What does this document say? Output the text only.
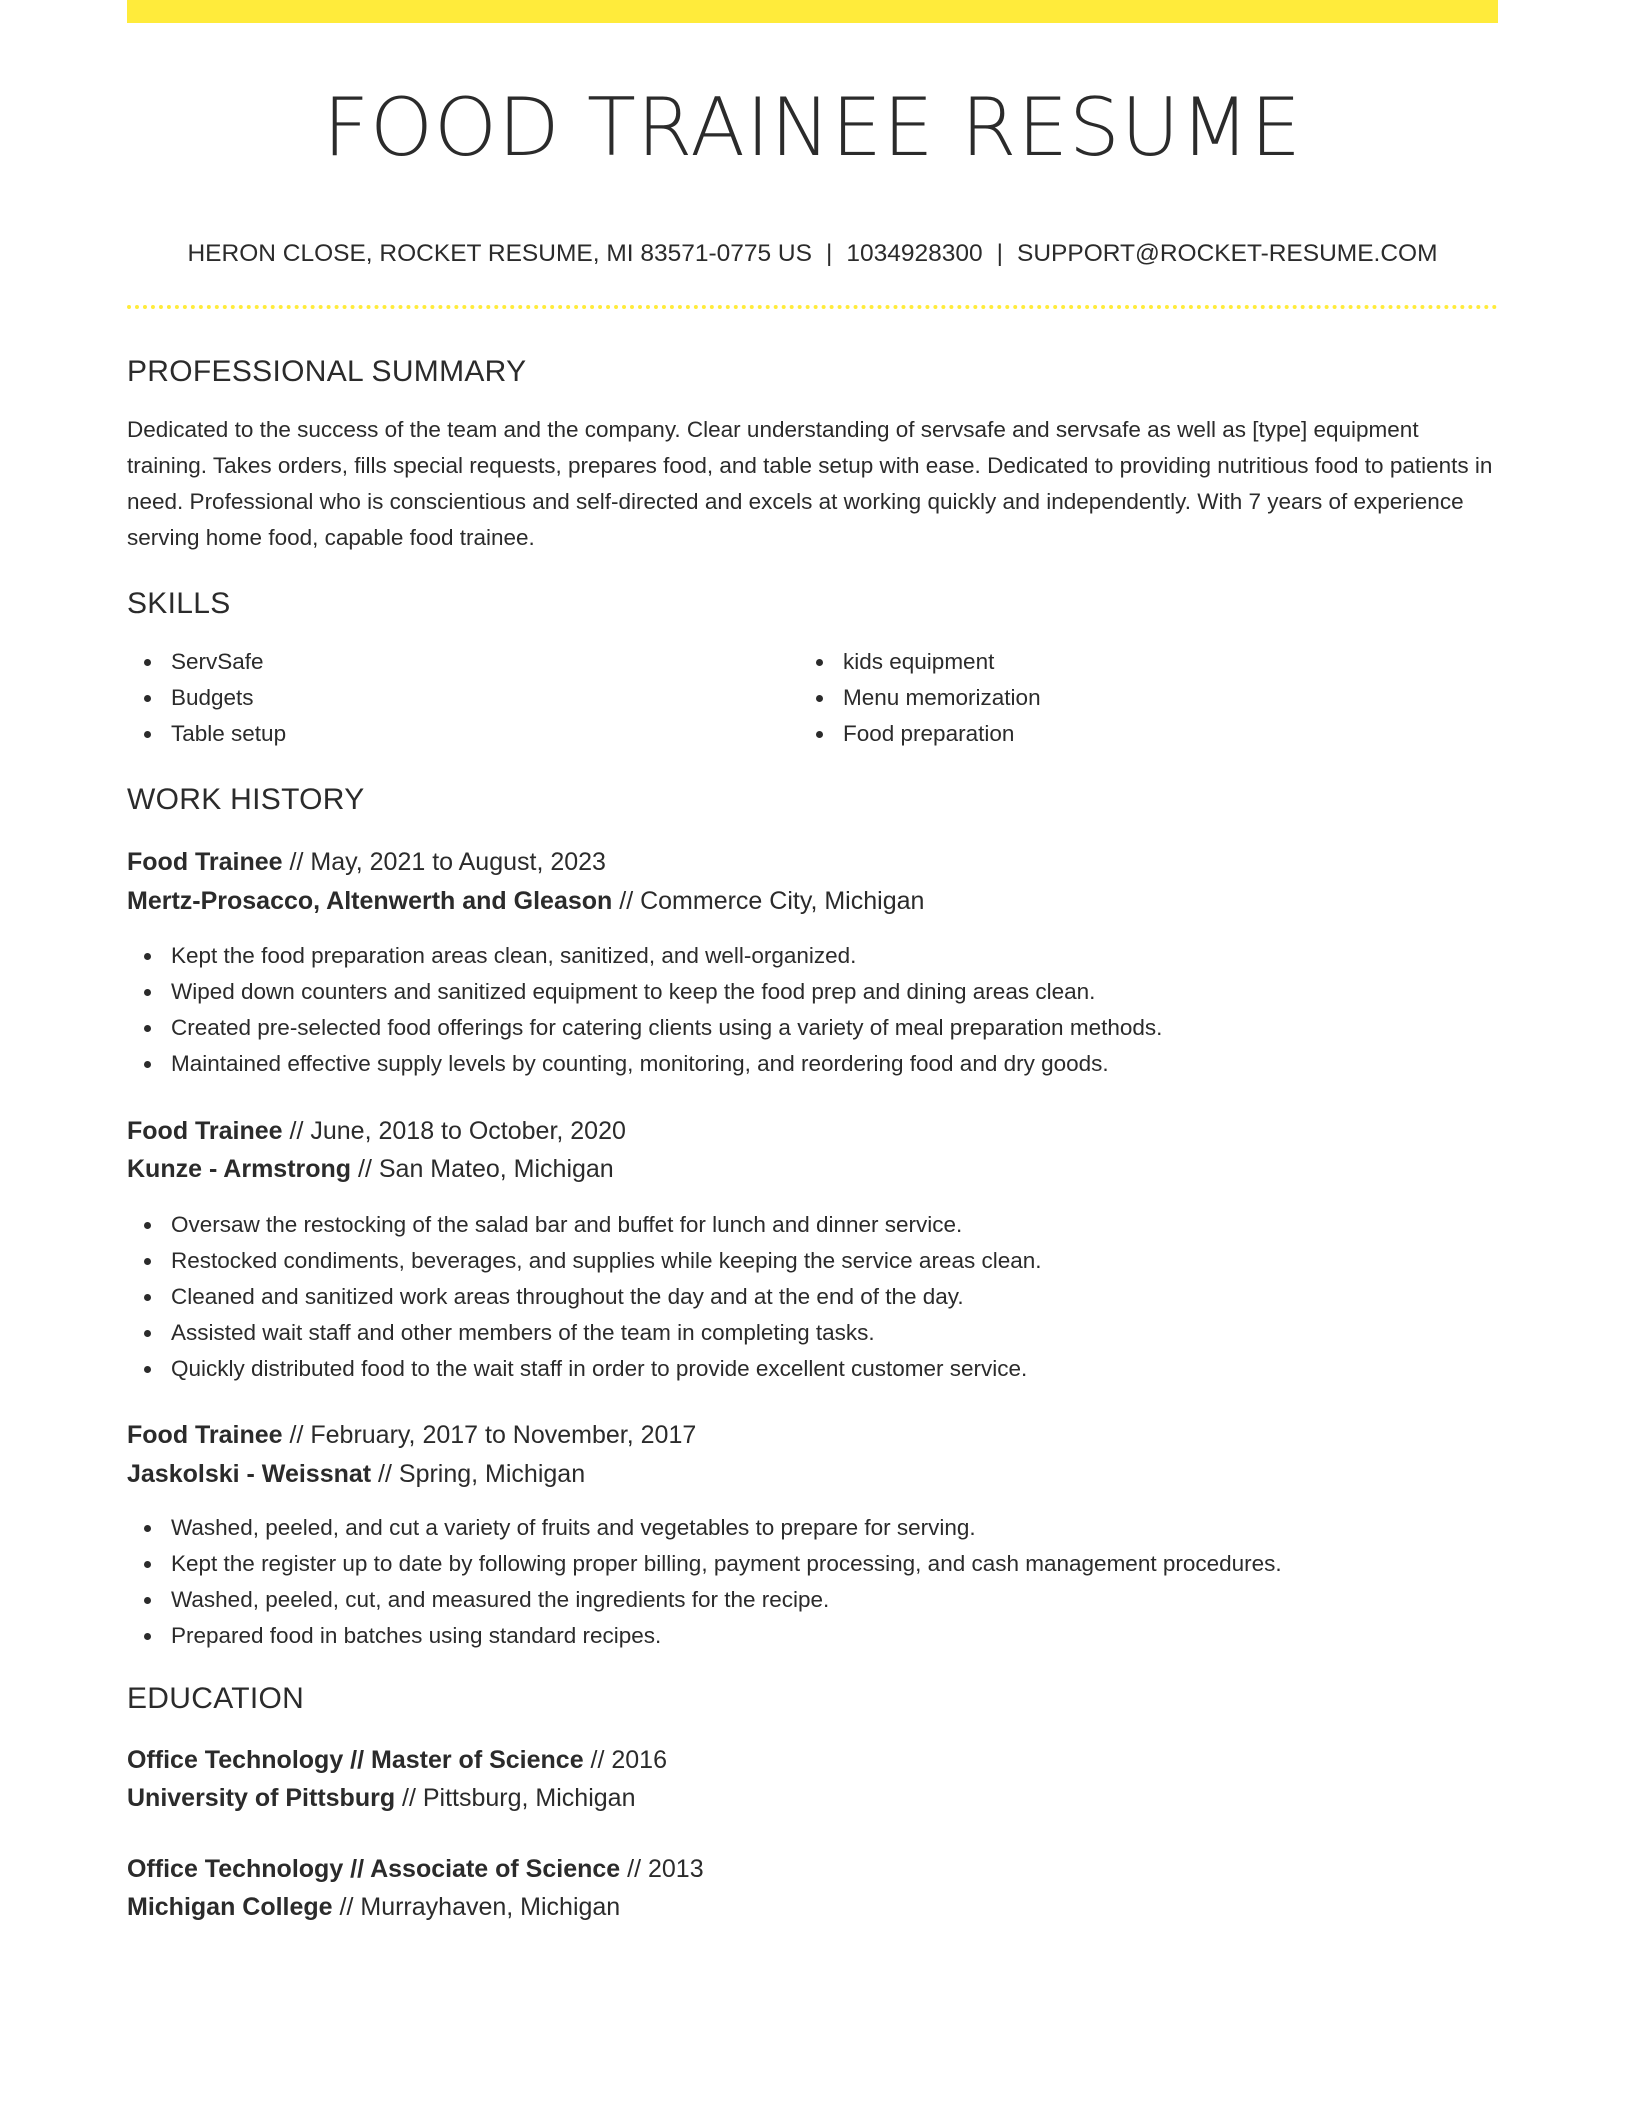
FOOD TRAINEE RESUME
HERON CLOSE, ROCKET RESUME, MI 83571-0775 US | 1034928300 | SUPPORT@ROCKET-RESUME.COM
PROFESSIONAL SUMMARY

Dedicated to the success of the team and the company. Clear understanding of servsafe and servsafe as well as [type] equipment training. Takes orders, fills special requests, prepares food, and table setup with ease. Dedicated to providing nutritious food to patients in need. Professional who is conscientious and self-directed and excels at working quickly and independently. With 7 years of experience serving home food, capable food trainee.

SKILLS
ServSafe
Budgets
Table setup
kids equipment
Menu memorization
Food preparation
WORK HISTORY
Food Trainee // May, 2021 to August, 2023
Mertz-Prosacco, Altenwerth and Gleason // Commerce City, Michigan
Kept the food preparation areas clean, sanitized, and well-organized.
Wiped down counters and sanitized equipment to keep the food prep and dining areas clean.
Created pre-selected food offerings for catering clients using a variety of meal preparation methods.
Maintained effective supply levels by counting, monitoring, and reordering food and dry goods.
Food Trainee // June, 2018 to October, 2020
Kunze - Armstrong // San Mateo, Michigan
Oversaw the restocking of the salad bar and buffet for lunch and dinner service.
Restocked condiments, beverages, and supplies while keeping the service areas clean.
Cleaned and sanitized work areas throughout the day and at the end of the day.
Assisted wait staff and other members of the team in completing tasks.
Quickly distributed food to the wait staff in order to provide excellent customer service.
Food Trainee // February, 2017 to November, 2017
Jaskolski - Weissnat // Spring, Michigan
Washed, peeled, and cut a variety of fruits and vegetables to prepare for serving.
Kept the register up to date by following proper billing, payment processing, and cash management procedures.
Washed, peeled, cut, and measured the ingredients for the recipe.
Prepared food in batches using standard recipes.
EDUCATION
Office Technology // Master of Science // 2016
University of Pittsburg // Pittsburg, Michigan
Office Technology // Associate of Science // 2013
Michigan College // Murrayhaven, Michigan
